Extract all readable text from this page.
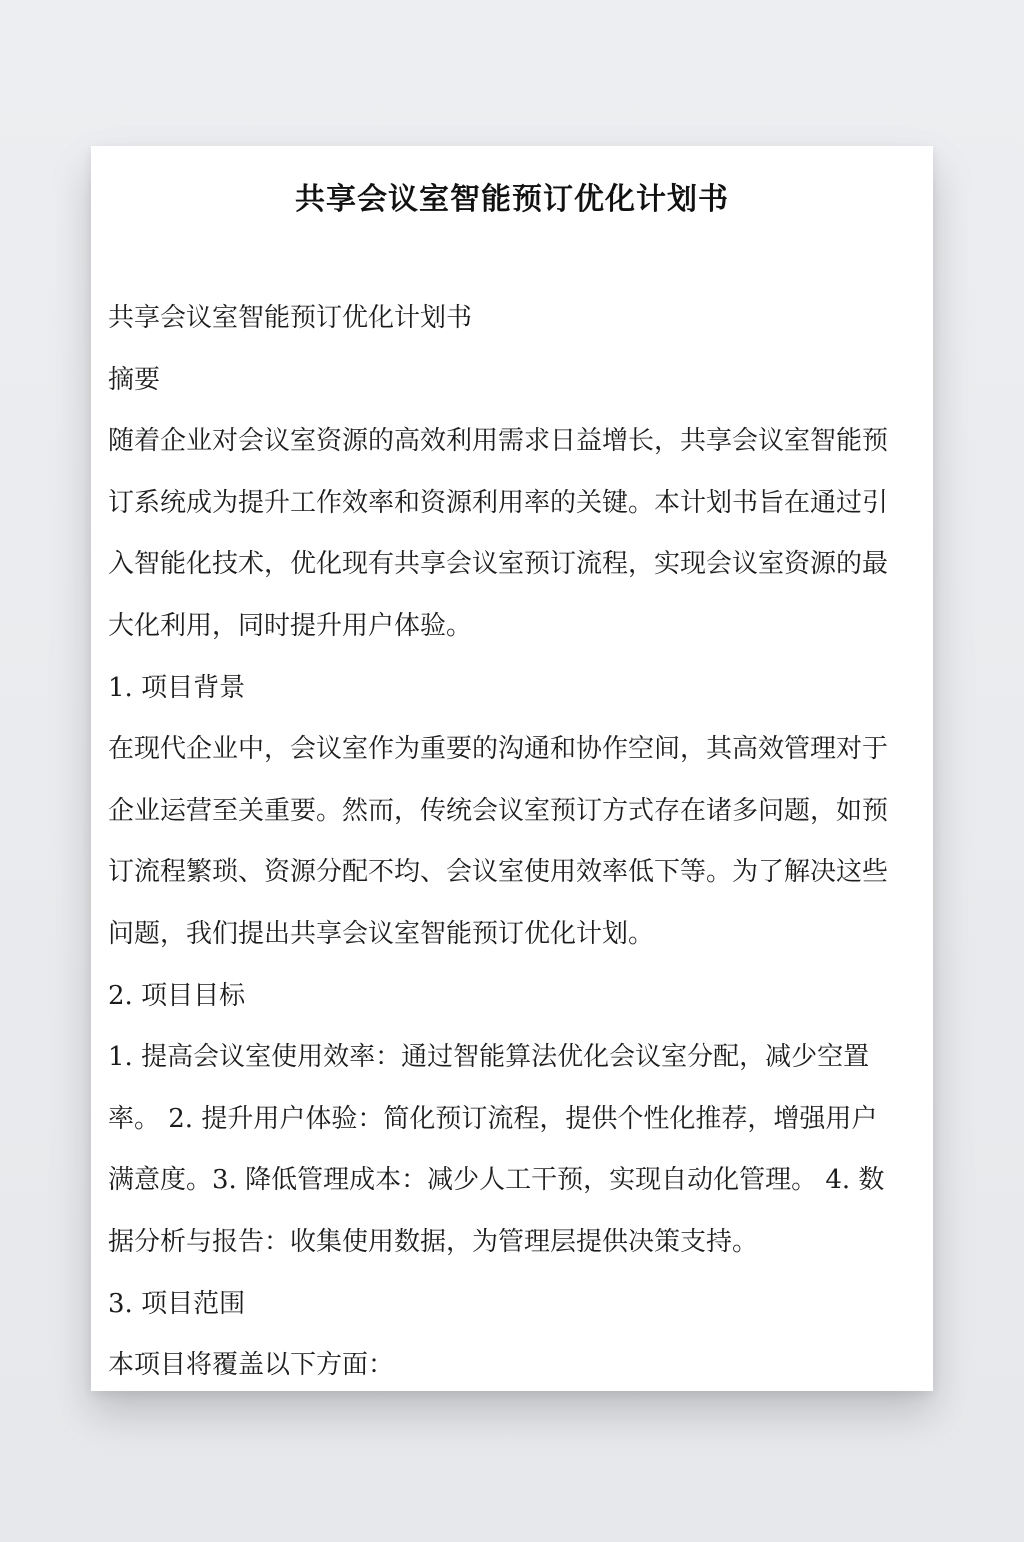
共享会议室智能预订优化计划书
共享会议室智能预订优化计划书
摘要
随着企业对会议室资源的高效利用需求日益增长，共享会议室智能预
订系统成为提升工作效率和资源利用率的关键。本计划书旨在通过引
入智能化技术，优化现有共享会议室预订流程，实现会议室资源的最
大化利用，同时提升用户体验。
1. 项目背景
在现代企业中，会议室作为重要的沟通和协作空间，其高效管理对于
企业运营至关重要。然而，传统会议室预订方式存在诸多问题，如预
订流程繁琐、资源分配不均、会议室使用效率低下等。为了解决这些
问题，我们提出共享会议室智能预订优化计划。
2. 项目目标
1. 提高会议室使用效率：通过智能算法优化会议室分配，减少空置
率。 2. 提升用户体验：简化预订流程，提供个性化推荐，增强用户
满意度。3. 降低管理成本：减少人工干预，实现自动化管理。 4. 数
据分析与报告：收集使用数据，为管理层提供决策支持。
3. 项目范围
本项目将覆盖以下方面：
